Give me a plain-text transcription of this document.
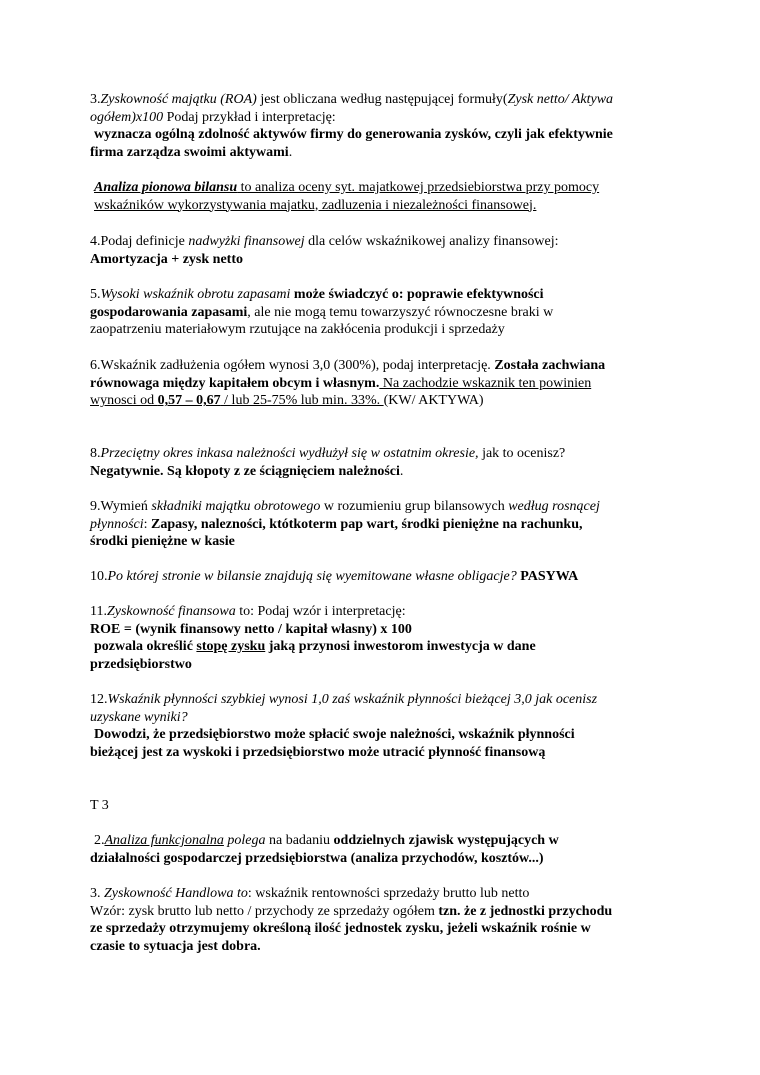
3.Zyskowność majątku (ROA) jest obliczana według następującej formuły(Zysk netto/ Aktywa
ogółem)x100 Podaj przykład i interpretację:
wyznacza ogólną zdolność aktywów firmy do generowania zysków, czyli jak efektywnie
firma zarządza swoimi aktywami.
Analiza pionowa bilansu to analiza oceny syt. majatkowej przedsiebiorstwa przy pomocy
wskaźników wykorzystywania majatku, zadluzenia i niezależności finansowej.
4.Podaj definicje nadwyżki finansowej dla celów wskaźnikowej analizy finansowej:
Amortyzacja + zysk netto
5.Wysoki wskaźnik obrotu zapasami może świadczyć o: poprawie efektywności
gospodarowania zapasami, ale nie mogą temu towarzyszyć równoczesne braki w
zaopatrzeniu materiałowym rzutujące na zakłócenia produkcji i sprzedaży
6.Wskaźnik zadłużenia ogółem wynosi 3,0 (300%), podaj interpretację. Została zachwiana
równowaga między kapitałem obcym i własnym. Na zachodzie wskaznik ten powinien
wynosci od 0,57 – 0,67 / lub 25-75% lub min. 33%. (KW/ AKTYWA)
8.Przeciętny okres inkasa należności wydłużył się w ostatnim okresie, jak to ocenisz?
Negatywnie. Są kłopoty z ze ściągnięciem należności.
9.Wymień składniki majątku obrotowego w rozumieniu grup bilansowych według rosnącej
płynności: Zapasy, nalezności, któtkoterm pap wart, środki pieniężne na rachunku,
środki pieniężne w kasie
10.Po której stronie w bilansie znajdują się wyemitowane własne obligacje? PASYWA
11.Zyskowność finansowa to: Podaj wzór i interpretację:
ROE = (wynik finansowy netto / kapitał własny) x 100
pozwala określić stopę zysku jaką przynosi inwestorom inwestycja w dane
przedsiębiorstwo
12.Wskaźnik płynności szybkiej wynosi 1,0 zaś wskaźnik płynności bieżącej 3,0 jak ocenisz
uzyskane wyniki?
Dowodzi, że przedsiębiorstwo może spłacić swoje należności, wskaźnik płynności
bieżącej jest za wyskoki i przedsiębiorstwo może utracić płynność finansową
T 3
2.Analiza funkcjonalna polega na badaniu oddzielnych zjawisk występujących w
działalności gospodarczej przedsiębiorstwa (analiza przychodów, kosztów...)
3. Zyskowność Handlowa to: wskaźnik rentowności sprzedaży brutto lub netto
Wzór: zysk brutto lub netto / przychody ze sprzedaży ogółem tzn. że z jednostki przychodu
ze sprzedaży otrzymujemy określoną ilość jednostek zysku, jeżeli wskaźnik rośnie w
czasie to sytuacja jest dobra.
